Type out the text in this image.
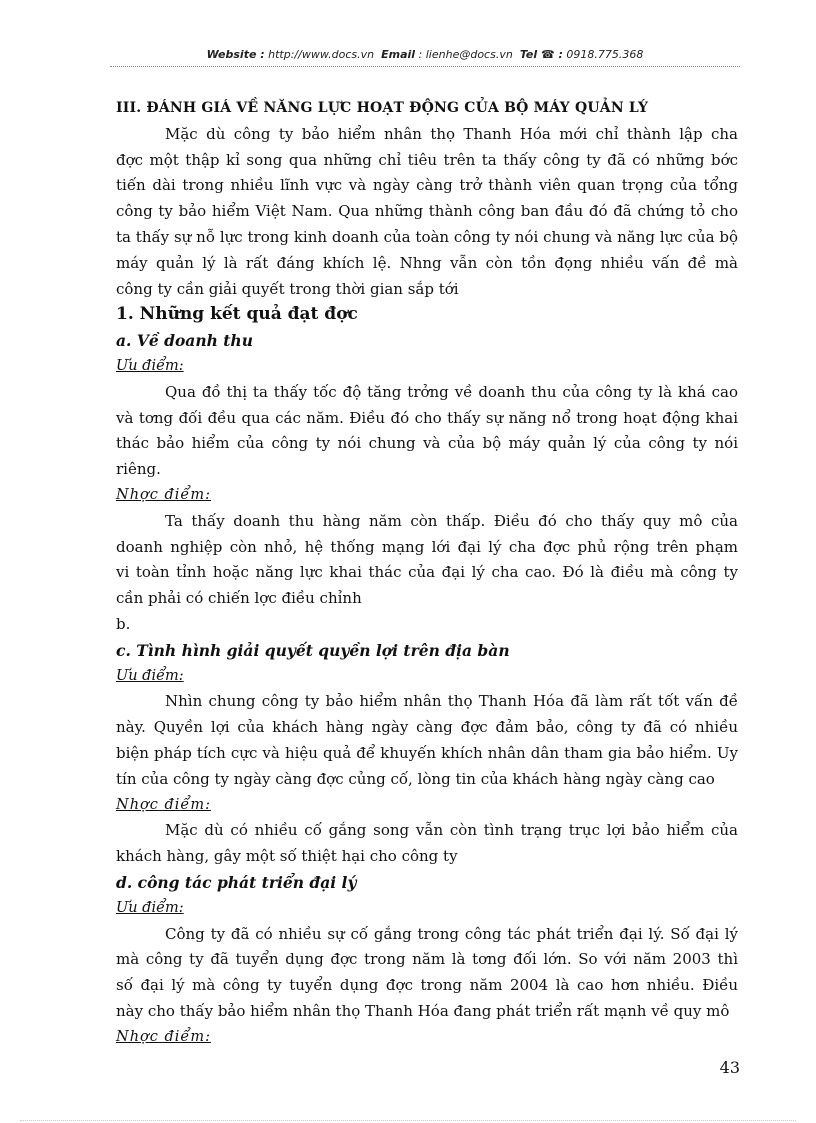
Website : http://www.docs.vn Email : lienhe@docs.vn Tel ☎ : 0918.775.368

III. ĐÁNH GIÁ VỀ NĂNG LỰC HOẠT ĐỘNG CỦA BỘ MÁY QUẢN LÝ

Mặc dù công ty bảo hiểm nhân thọ Thanh Hóa mới chỉ thành lập cha

đợc một thập kỉ song qua những chỉ tiêu trên ta thấy công ty đã có những bớc

tiến dài trong nhiều lĩnh vực và ngày càng trở thành viên quan trọng của tổng

công ty bảo hiểm Việt Nam. Qua những thành công ban đầu đó đã chứng tỏ cho

ta thấy sự nỗ lực trong kinh doanh của toàn công ty nói chung và năng lực của bộ

máy quản lý là rất đáng khích lệ. Nhng vẫn còn tồn đọng nhiều vấn đề mà

công ty cần giải quyết trong thời gian sắp tới

1. Những kết quả đạt đợc

a. Về doanh thu

Ưu điểm:

Qua đồ thị ta thấy tốc độ tăng trởng về doanh thu của công ty là khá cao

và tơng đối đều qua các năm. Điều đó cho thấy sự năng nổ trong hoạt động khai

thác bảo hiểm của công ty nói chung và của bộ máy quản lý của công ty nói

riêng.

Nhợc điểm:

Ta thấy doanh thu hàng năm còn thấp. Điều đó cho thấy quy mô của

doanh nghiệp còn nhỏ, hệ thống mạng lới đại lý cha đợc phủ rộng trên phạm

vi toàn tỉnh hoặc năng lực khai thác của đại lý cha cao. Đó là điều mà công ty

cần phải có chiến lợc điều chỉnh

b.

c. Tình hình giải quyết quyền lợi trên địa bàn

Ưu điểm:

Nhìn chung công ty bảo hiểm nhân thọ Thanh Hóa đã làm rất tốt vấn đề

này. Quyền lợi của khách hàng ngày càng đợc đảm bảo, công ty đã có nhiều

biện pháp tích cực và hiệu quả để khuyến khích nhân dân tham gia bảo hiểm. Uy

tín của công ty ngày càng đợc củng cố, lòng tin của khách hàng ngày càng cao

Nhợc điểm:

Mặc dù có nhiều cố gắng song vẫn còn tình trạng trục lợi bảo hiểm của

khách hàng, gây một số thiệt hại cho công ty

d. công tác phát triển đại lý

Ưu điểm:

Công ty đã có nhiều sự cố gắng trong công tác phát triển đại lý. Số đại lý

mà công ty đã tuyển dụng đợc trong năm là tơng đối lớn. So với năm 2003 thì

số đại lý mà công ty tuyển dụng đợc trong năm 2004 là cao hơn nhiều. Điều

này cho thấy bảo hiểm nhân thọ Thanh Hóa đang phát triển rất mạnh về quy mô

Nhợc điểm:

43
